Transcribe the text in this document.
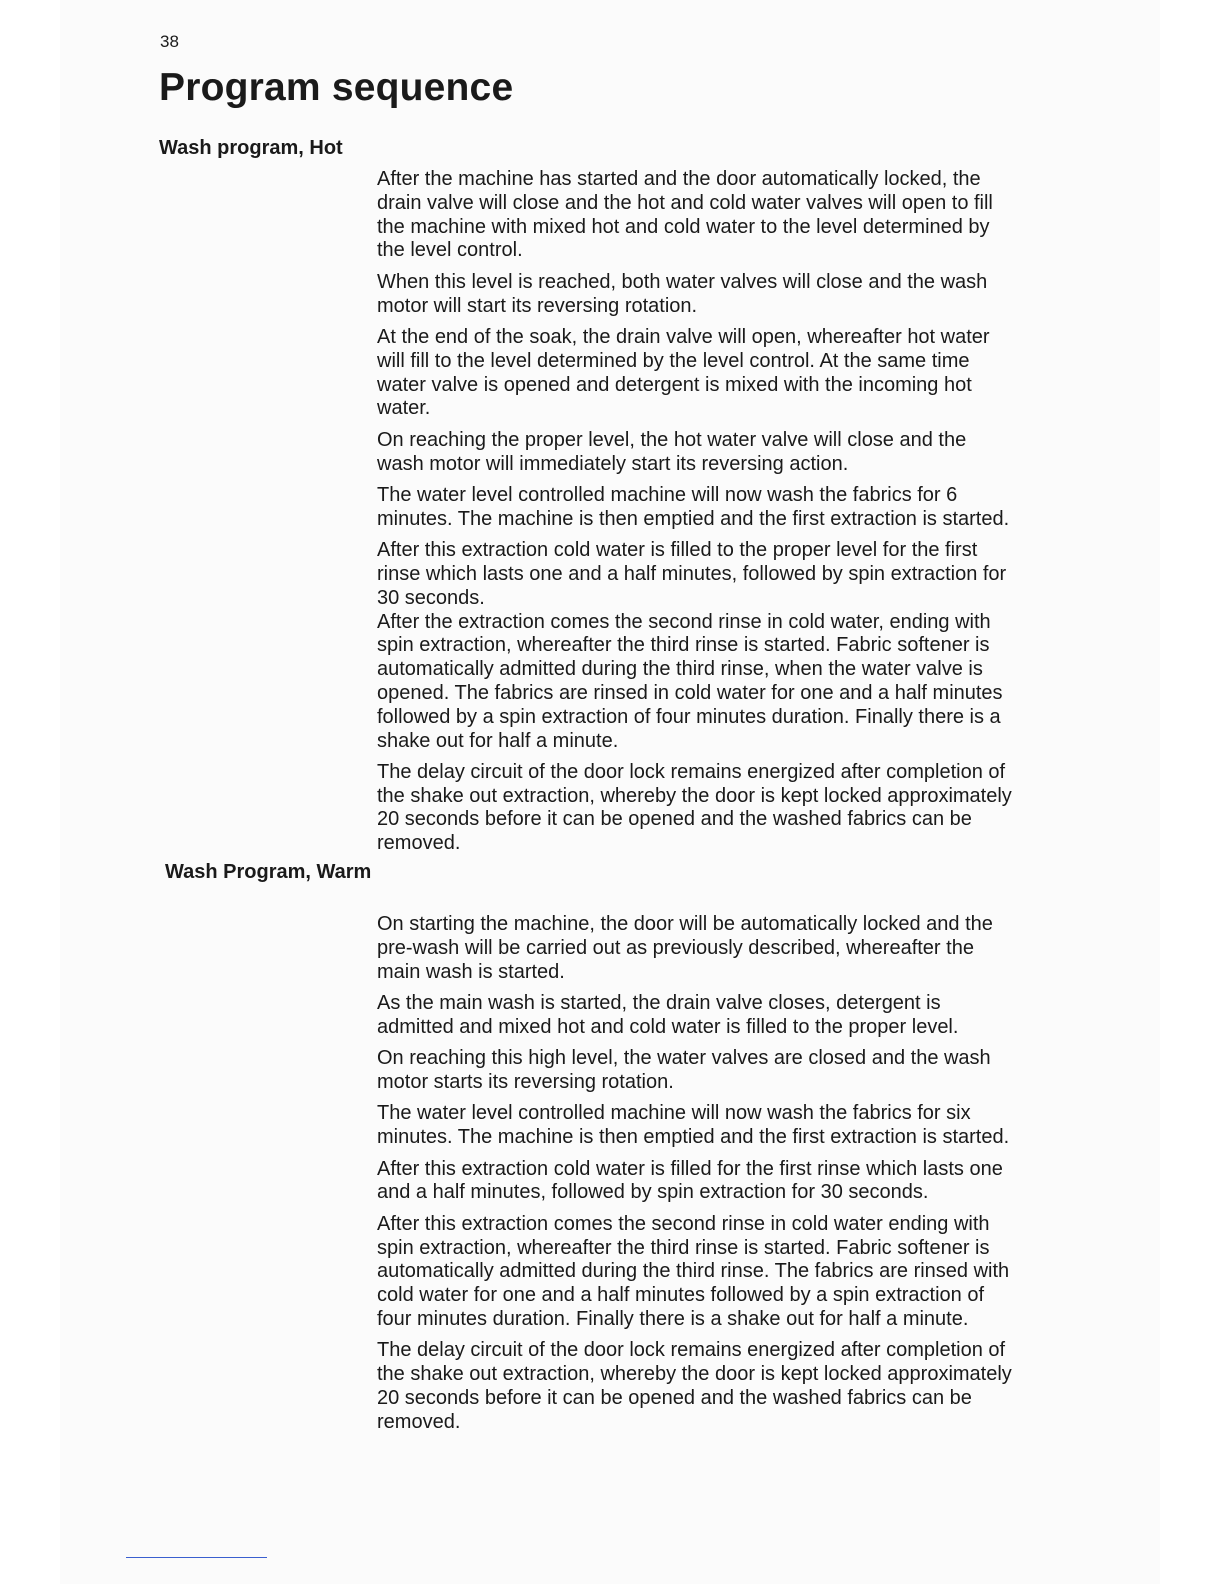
38
Program sequence
Wash program, Hot

After the machine has started and the door automatically locked, the drain valve will close and the hot and cold water valves will open to fill the machine with mixed hot and cold water to the level determined by the level control.

When this level is reached, both water valves will close and the wash motor will start its reversing rotation.

At the end of the soak, the drain valve will open, whereafter hot water will fill to the level determined by the level control. At the same time water valve is opened and detergent is mixed with the incoming hot water.

On reaching the proper level, the hot water valve will close and the wash motor will immediately start its reversing action.

The water level controlled machine will now wash the fabrics for 6 minutes. The machine is then emptied and the first extraction is started.

After this extraction cold water is filled to the proper level for the first rinse which lasts one and a half minutes, followed by spin extraction for 30 seconds.

After the extraction comes the second rinse in cold water, ending with spin extraction, whereafter the third rinse is started. Fabric softener is automatically admitted during the third rinse, when the water valve is opened. The fabrics are rinsed in cold water for one and a half minutes followed by a spin extraction of four minutes duration. Finally there is a shake out for half a minute.

The delay circuit of the door lock remains energized after completion of the shake out extraction, whereby the door is kept locked approximately 20 seconds before it can be opened and the washed fabrics can be removed.

Wash Program, Warm

On starting the machine, the door will be automatically locked and the pre-wash will be carried out as previously described, whereafter the main wash is started.

As the main wash is started, the drain valve closes, detergent is admitted and mixed hot and cold water is filled to the proper level.

On reaching this high level, the water valves are closed and the wash motor starts its reversing rotation.

The water level controlled machine will now wash the fabrics for six minutes. The machine is then emptied and the first extraction is started.

After this extraction cold water is filled for the first rinse which lasts one and a half minutes, followed by spin extraction for 30 seconds.

After this extraction comes the second rinse in cold water ending with spin extraction, whereafter the third rinse is started. Fabric softener is automatically admitted during the third rinse. The fabrics are rinsed with cold water for one and a half minutes followed by a spin extraction of four minutes duration. Finally there is a shake out for half a minute.

The delay circuit of the door lock remains energized after completion of the shake out extraction, whereby the door is kept locked approximately 20 seconds before it can be opened and the washed fabrics can be removed.
